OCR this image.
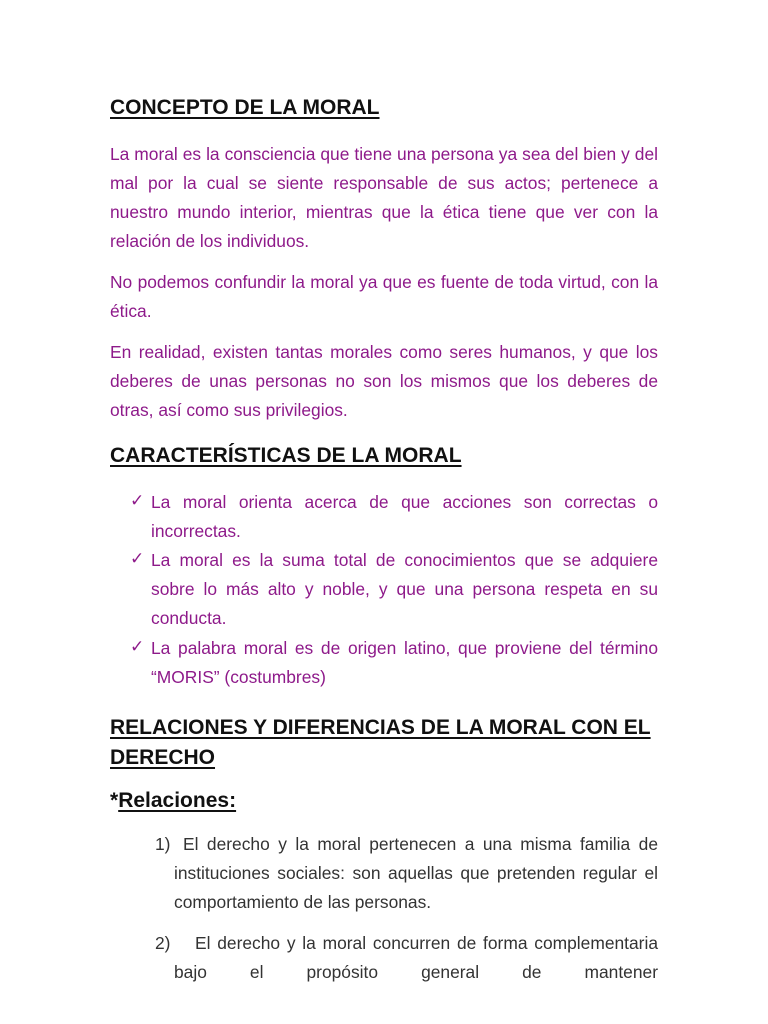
CONCEPTO DE LA MORAL

La moral es la consciencia que tiene una persona ya sea del bien y del mal por la cual se siente responsable de sus actos; pertenece a nuestro mundo interior, mientras que la ética tiene que ver con la relación de los individuos.

No podemos confundir la moral ya que es fuente de toda virtud, con la ética.

En realidad, existen tantas morales como seres humanos, y que los deberes de unas personas no son los mismos que los deberes de otras, así como sus privilegios.

CARACTERÍSTICAS DE LA MORAL
✓ La moral orienta acerca de que acciones son correctas o incorrectas.

✓ La moral es la suma total de conocimientos que se adquiere sobre lo más alto y noble, y que una persona respeta en su conducta.

✓ La palabra moral es de origen latino, que proviene del término “MORIS” (costumbres)

RELACIONES Y DIFERENCIAS DE LA MORAL CON EL DERECHO
*Relaciones:
1) El derecho y la moral pertenecen a una misma familia de instituciones sociales: son aquellas que pretenden regular el comportamiento de las personas.

2)	El derecho y la moral concurren de forma complementaria bajo el propósito general de mantener
